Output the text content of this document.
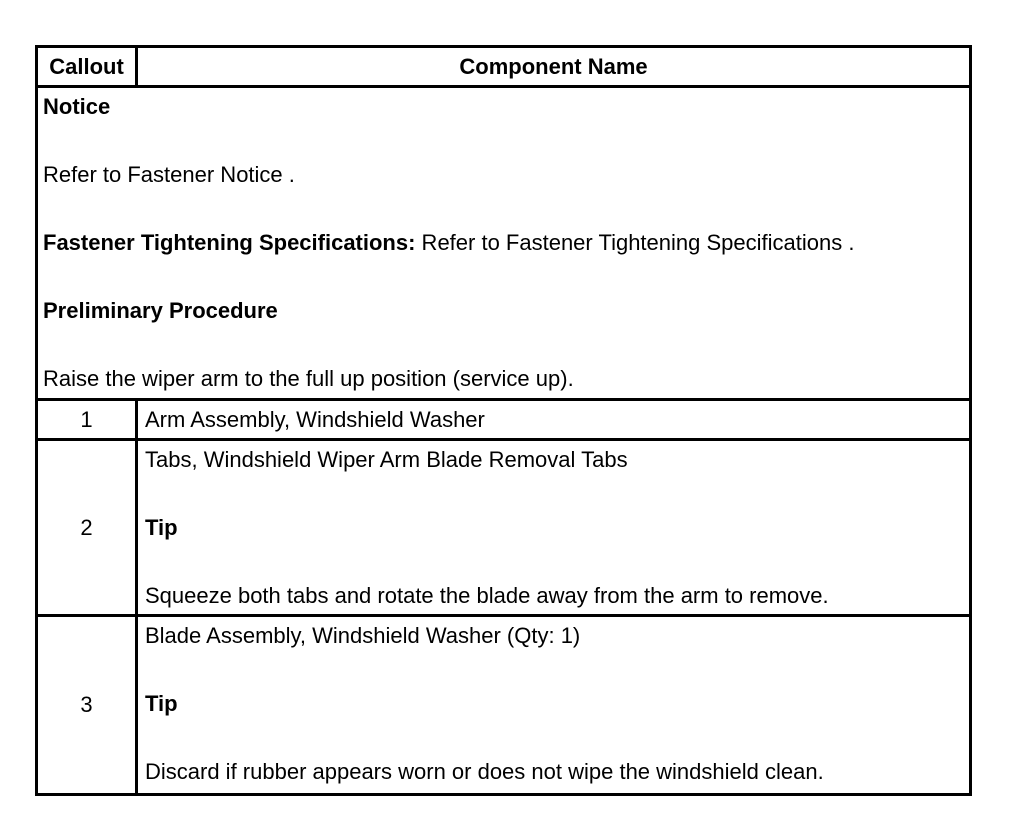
Callout	Component Name

Notice

Refer to Fastener Notice .

Fastener Tightening Specifications: Refer to Fastener Tightening Specifications .

Preliminary Procedure

Raise the wiper arm to the full up position (service up).

1	Arm Assembly, Windshield Washer

2

Tabs, Windshield Wiper Arm Blade Removal Tabs

Tip

Squeeze both tabs and rotate the blade away from the arm to remove.

3

Blade Assembly, Windshield Washer (Qty: 1)

Tip

Discard if rubber appears worn or does not wipe the windshield clean.
